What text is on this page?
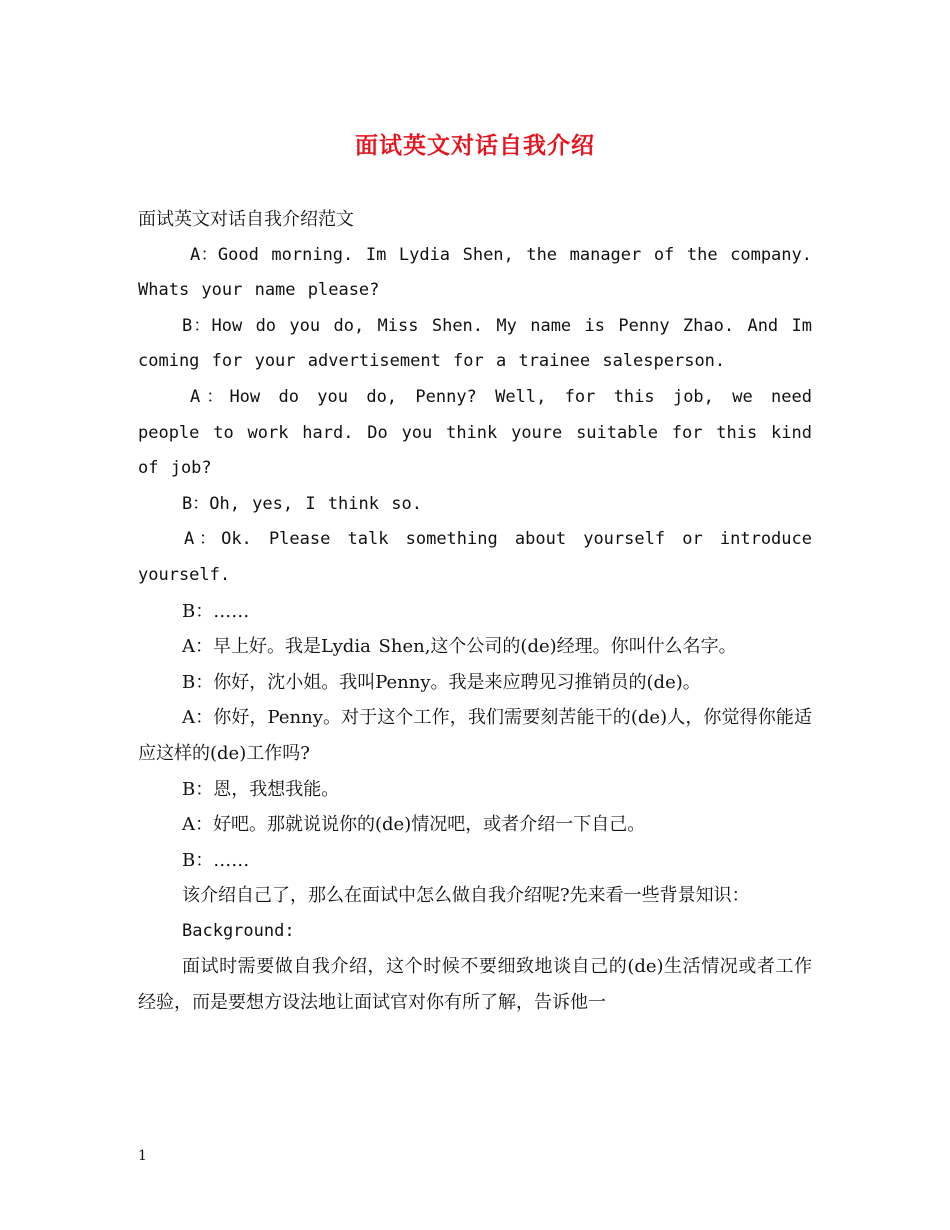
面试英文对话自我介绍

面试英文对话自我介绍范文

A：Good morning. Im Lydia Shen, the manager of the company. Whats your name please?

B：How do you do, Miss Shen. My name is Penny Zhao. And Im coming for your advertisement for a trainee salesperson.

A：How do you do, Penny? Well, for this job, we need people to work hard. Do you think youre suitable for this kind of job?

B：Oh, yes, I think so.

A：Ok. Please talk something about yourself or introduce yourself.

B：……

A：早上好。我是Lydia Shen,这个公司的(de)经理。你叫什么名字。

B：你好，沈小姐。我叫Penny。我是来应聘见习推销员的(de)。

A：你好，Penny。对于这个工作，我们需要刻苦能干的(de)人，你觉得你能适应这样的(de)工作吗?

B：恩，我想我能。

A：好吧。那就说说你的(de)情况吧，或者介绍一下自己。

B：……

该介绍自己了，那么在面试中怎么做自我介绍呢?先来看一些背景知识：

Background:

面试时需要做自我介绍，这个时候不要细致地谈自己的(de)生活情况或者工作经验，而是要想方设法地让面试官对你有所了解，告诉他一

1
